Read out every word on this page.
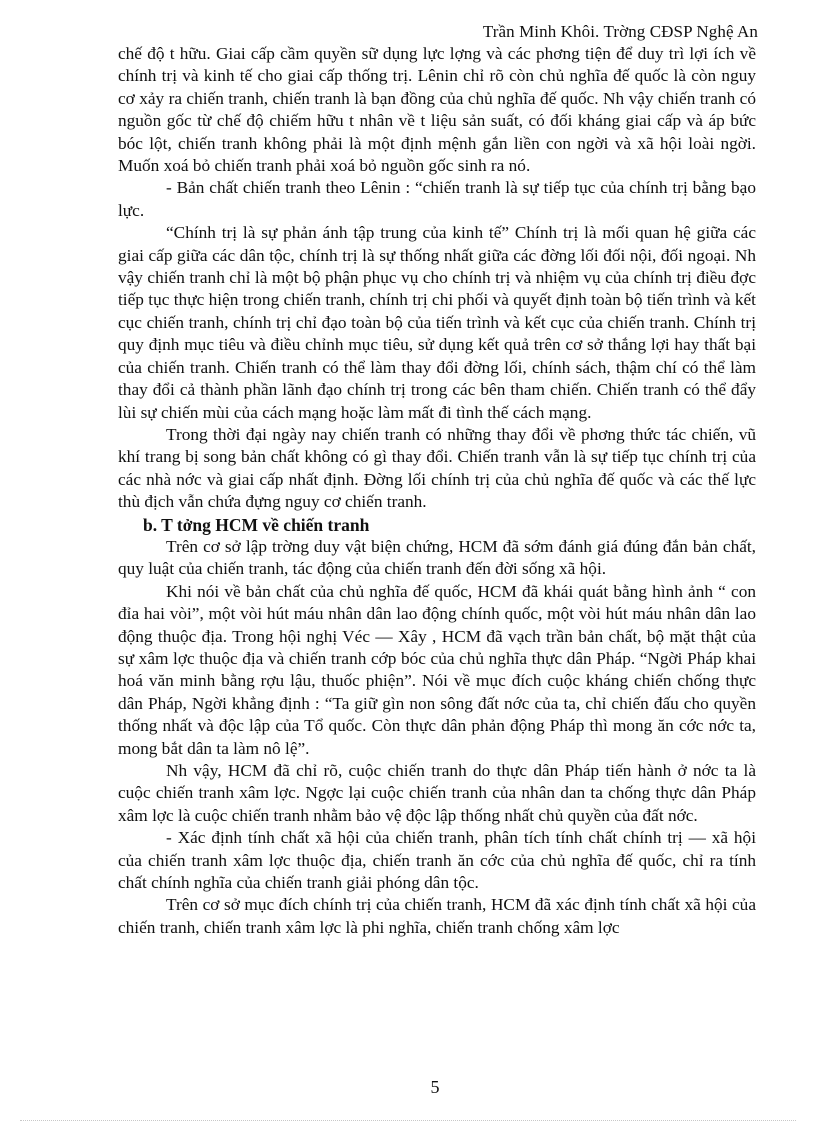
Trần Minh Khôi. Trờng CĐSP Nghệ An

chế độ t hữu. Giai cấp cầm quyền sữ dụng lực lợng và các phơng tiện để duy trì lợi ích về chính trị và kinh tế cho giai cấp thống trị. Lênin chỉ rõ còn chủ nghĩa đế quốc là còn nguy cơ xảy ra chiến tranh, chiến tranh là bạn đồng của chủ nghĩa đế quốc. Nh vậy chiến tranh có nguồn gốc từ chế độ chiếm hữu t nhân về t liệu sản suất, có đối kháng giai cấp và áp bức bóc lột, chiến tranh không phải là một định mệnh gắn liền con ngời và xã hội loài ngời. Muốn xoá bỏ chiến tranh phải xoá bỏ nguồn gốc sinh ra nó.

- Bản chất chiến tranh theo Lênin : “chiến tranh là sự tiếp tục của chính trị bằng bạo lực.

“Chính trị là sự phản ánh tập trung của kinh tế” Chính trị là mối quan hệ giữa các giai cấp giữa các dân tộc, chính trị là sự thống nhất giữa các đờng lối đối nội, đối ngoại. Nh vậy chiến tranh chỉ là một bộ phận phục vụ cho chính trị và nhiệm vụ của chính trị điều đợc tiếp tục thực hiện trong chiến tranh, chính trị chi phối và quyết định toàn bộ tiến trình và kết cục chiến tranh, chính trị chỉ đạo toàn bộ của tiến trình và kết cục của chiến tranh. Chính trị quy định mục tiêu và điều chỉnh mục tiêu, sử dụng kết quả trên cơ sở thắng lợi hay thất bại của chiến tranh. Chiến tranh có thể làm thay đổi đờng lối, chính sách, thậm chí có thể làm thay đổi cả thành phần lãnh đạo chính trị trong các bên tham chiến. Chiến tranh có thể đẩy lùi sự chiến mùi của cách mạng hoặc làm mất đi tình thế cách mạng.

Trong thời đại ngày nay chiến tranh có những thay đổi về phơng thức tác chiến, vũ khí trang bị song bản chất không có gì thay đổi. Chiến tranh vẫn là sự tiếp tục chính trị của các nhà nớc và giai cấp nhất định. Đờng lối chính trị của chủ nghĩa đế quốc và các thế lực thù địch vẫn chứa đựng nguy cơ chiến tranh.

b. T tởng HCM về chiến tranh

Trên cơ sở lập trờng duy vật biện chứng, HCM đã sớm đánh giá đúng đắn bản chất, quy luật của chiến tranh, tác động của chiến tranh đến đời sống xã hội.

Khi nói về bản chất của chủ nghĩa đế quốc, HCM đã khái quát bằng hình ảnh “ con đỉa hai vòi”, một vòi hút máu nhân dân lao động chính quốc, một vòi hút máu nhân dân lao động thuộc địa. Trong hội nghị Véc — Xây , HCM đã vạch trần bản chất, bộ mặt thật của sự xâm lợc thuộc địa và chiến tranh cớp bóc của chủ nghĩa thực dân Pháp. “Ngời Pháp khai hoá văn minh bằng rợu lậu, thuốc phiện”. Nói về mục đích cuộc kháng chiến chống thực dân Pháp, Ngời khẳng định : “Ta giữ gìn non sông đất nớc của ta, chỉ chiến đấu cho quyền thống nhất và độc lập của Tổ quốc. Còn thực dân phản động Pháp thì mong ăn cớc nớc ta, mong bắt dân ta làm nô lệ”.

Nh vậy, HCM đã chỉ rõ, cuộc chiến tranh do thực dân Pháp tiến hành ở nớc ta là cuộc chiến tranh xâm lợc. Ngợc lại cuộc chiến tranh của nhân dan ta chống thực dân Pháp xâm lợc là cuộc chiến tranh nhằm bảo vệ độc lập thống nhất chủ quyền của đất nớc.

- Xác định tính chất xã hội của chiến tranh, phân tích tính chất chính trị — xã hội của chiến tranh xâm lợc thuộc địa, chiến tranh ăn cớc của chủ nghĩa đế quốc, chỉ ra tính chất chính nghĩa của chiến tranh giải phóng dân tộc.

Trên cơ sở mục đích chính trị của chiến tranh, HCM đã xác định tính chất xã hội của chiến tranh, chiến tranh xâm lợc là phi nghĩa, chiến tranh chống xâm lợc

5
